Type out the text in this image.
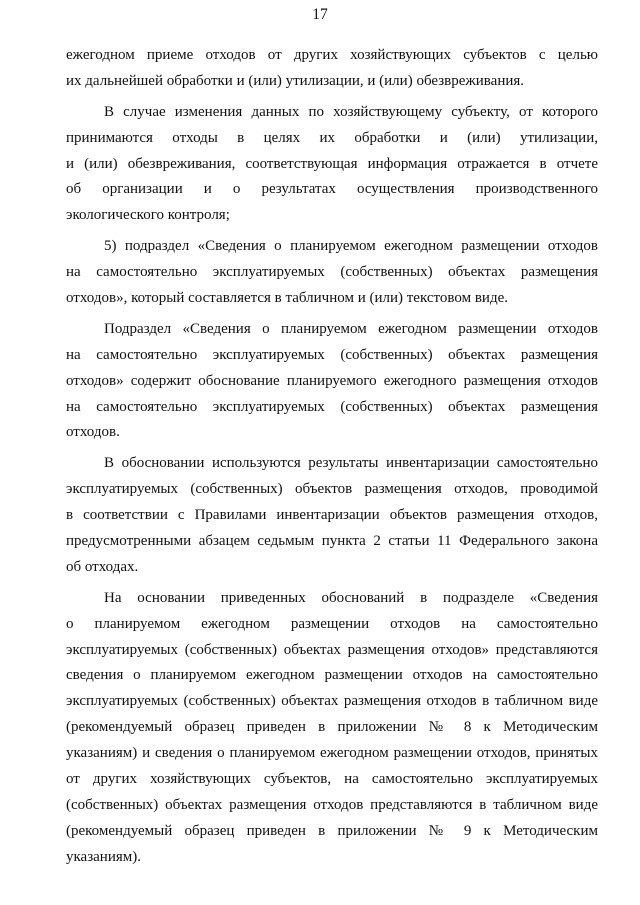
17
ежегодном приеме отходов от других хозяйствующих субъектов с целью
их дальнейшей обработки и (или) утилизации, и (или) обезвреживания.
В случае изменения данных по хозяйствующему субъекту, от которого
принимаются отходы в целях их обработки и (или) утилизации,
и (или) обезвреживания, соответствующая информация отражается в отчете
об организации и о результатах осуществления производственного
экологического контроля;
5) подраздел «Сведения о планируемом ежегодном размещении отходов
на самостоятельно эксплуатируемых (собственных) объектах размещения
отходов», который составляется в табличном и (или) текстовом виде.
Подраздел «Сведения о планируемом ежегодном размещении отходов
на самостоятельно эксплуатируемых (собственных) объектах размещения
отходов» содержит обоснование планируемого ежегодного размещения отходов
на самостоятельно эксплуатируемых (собственных) объектах размещения
отходов.
В обосновании используются результаты инвентаризации самостоятельно
эксплуатируемых (собственных) объектов размещения отходов, проводимой
в соответствии с Правилами инвентаризации объектов размещения отходов,
предусмотренными абзацем седьмым пункта 2 статьи 11 Федерального закона
об отходах.
На основании приведенных обоснований в подразделе «Сведения
о планируемом ежегодном размещении отходов на самостоятельно
эксплуатируемых (собственных) объектах размещения отходов» представляются
сведения о планируемом ежегодном размещении отходов на самостоятельно
эксплуатируемых (собственных) объектах размещения отходов в табличном виде
(рекомендуемый образец приведен в приложении № 8 к Методическим
указаниям) и сведения о планируемом ежегодном размещении отходов, принятых
от других хозяйствующих субъектов, на самостоятельно эксплуатируемых
(собственных) объектах размещения отходов представляются в табличном виде
(рекомендуемый образец приведен в приложении № 9 к Методическим
указаниям).
